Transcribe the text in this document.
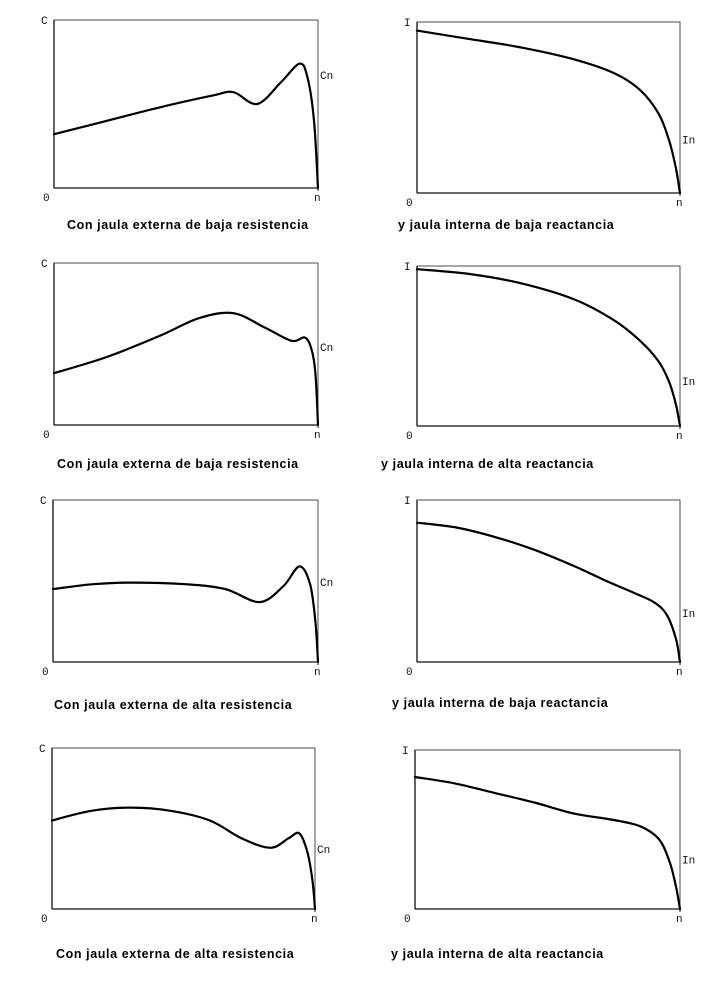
C
0	n
Cn
I
0	n
In
C
0	n
Cn
I
0	n
In
C
0	n
Cn
I
0	n
In
C
0	n
Cn
I
0	n
In
Con jaula externa de baja resistencia	y jaula interna de baja reactancia
Con jaula externa de baja resistencia	y jaula interna de alta reactancia
Con jaula externa de alta resistencia	y jaula interna de baja reactancia
Con jaula externa de alta resistencia	y jaula interna de alta reactancia
